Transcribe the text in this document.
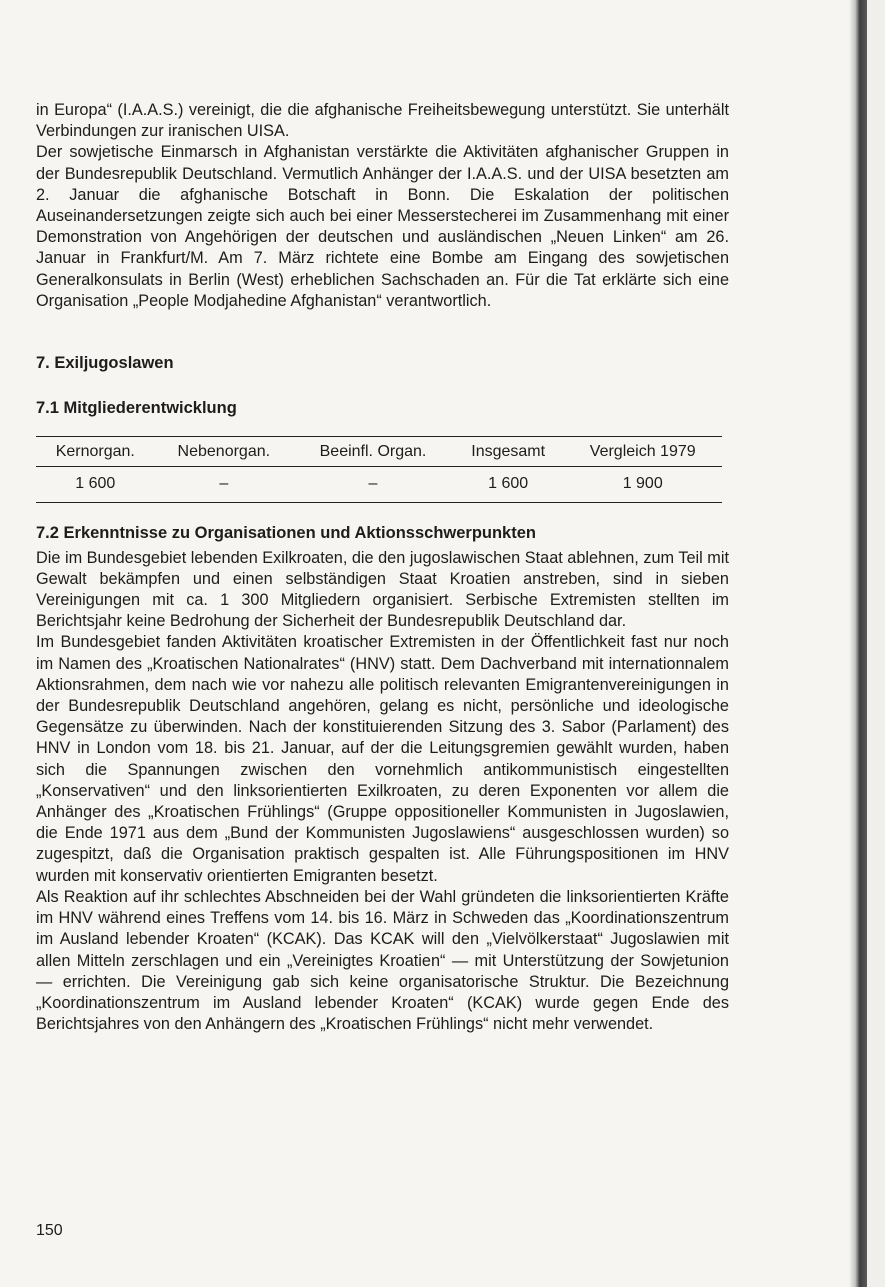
in Europa“ (I.A.A.S.) vereinigt, die die afghanische Freiheitsbewegung unterstützt. Sie unterhält Verbindungen zur iranischen UISA.

Der sowjetische Einmarsch in Afghanistan verstärkte die Aktivitäten afghanischer Gruppen in der Bundesrepublik Deutschland. Vermutlich Anhänger der I.A.A.S. und der UISA besetzten am 2. Januar die afghanische Botschaft in Bonn. Die Eskalation der politischen Auseinandersetzungen zeigte sich auch bei einer Messerstecherei im Zusammenhang mit einer Demonstration von Angehörigen der deutschen und ausländischen „Neuen Linken“ am 26. Januar in Frankfurt/M. Am 7. März richtete eine Bombe am Eingang des sowjetischen Generalkonsulats in Berlin (West) erheblichen Sachschaden an. Für die Tat erklärte sich eine Organisation „People Modjahedine Afghanistan“ verantwortlich.

7. Exiljugoslawen

7.1 Mitgliederentwicklung

Kernorgan.	Nebenorgan.	Beeinfl. Organ.	Insgesamt	Vergleich 1979
1 600	–	–	1 600	1 900

7.2 Erkenntnisse zu Organisationen und Aktionsschwerpunkten

Die im Bundesgebiet lebenden Exilkroaten, die den jugoslawischen Staat ablehnen, zum Teil mit Gewalt bekämpfen und einen selbständigen Staat Kroatien anstreben, sind in sieben Vereinigungen mit ca. 1 300 Mitgliedern organisiert. Serbische Extremisten stellten im Berichtsjahr keine Bedrohung der Sicherheit der Bundesrepublik Deutschland dar.

Im Bundesgebiet fanden Aktivitäten kroatischer Extremisten in der Öffentlichkeit fast nur noch im Namen des „Kroatischen Nationalrates“ (HNV) statt. Dem Dachverband mit internationnalem Aktionsrahmen, dem nach wie vor nahezu alle politisch relevanten Emigrantenvereinigungen in der Bundesrepublik Deutschland angehören, gelang es nicht, persönliche und ideologische Gegensätze zu überwinden. Nach der konstituierenden Sitzung des 3. Sabor (Parlament) des HNV in London vom 18. bis 21. Januar, auf der die Leitungsgremien gewählt wurden, haben sich die Spannungen zwischen den vornehmlich antikommunistisch eingestellten „Konservativen“ und den linksorientierten Exilkroaten, zu deren Exponenten vor allem die Anhänger des „Kroatischen Frühlings“ (Gruppe oppositioneller Kommunisten in Jugoslawien, die Ende 1971 aus dem „Bund der Kommunisten Jugoslawiens“ ausgeschlossen wurden) so zugespitzt, daß die Organisation praktisch gespalten ist. Alle Führungspositionen im HNV wurden mit konservativ orientierten Emigranten besetzt.

Als Reaktion auf ihr schlechtes Abschneiden bei der Wahl gründeten die linksorientierten Kräfte im HNV während eines Treffens vom 14. bis 16. März in Schweden das „Koordinationszentrum im Ausland lebender Kroaten“ (KCAK). Das KCAK will den „Vielvölkerstaat“ Jugoslawien mit allen Mitteln zerschlagen und ein „Vereinigtes Kroatien“ — mit Unterstützung der Sowjetunion — errichten. Die Vereinigung gab sich keine organisatorische Struktur. Die Bezeichnung „Koordinationszentrum im Ausland lebender Kroaten“ (KCAK) wurde gegen Ende des Berichtsjahres von den Anhängern des „Kroatischen Frühlings“ nicht mehr verwendet.

150
